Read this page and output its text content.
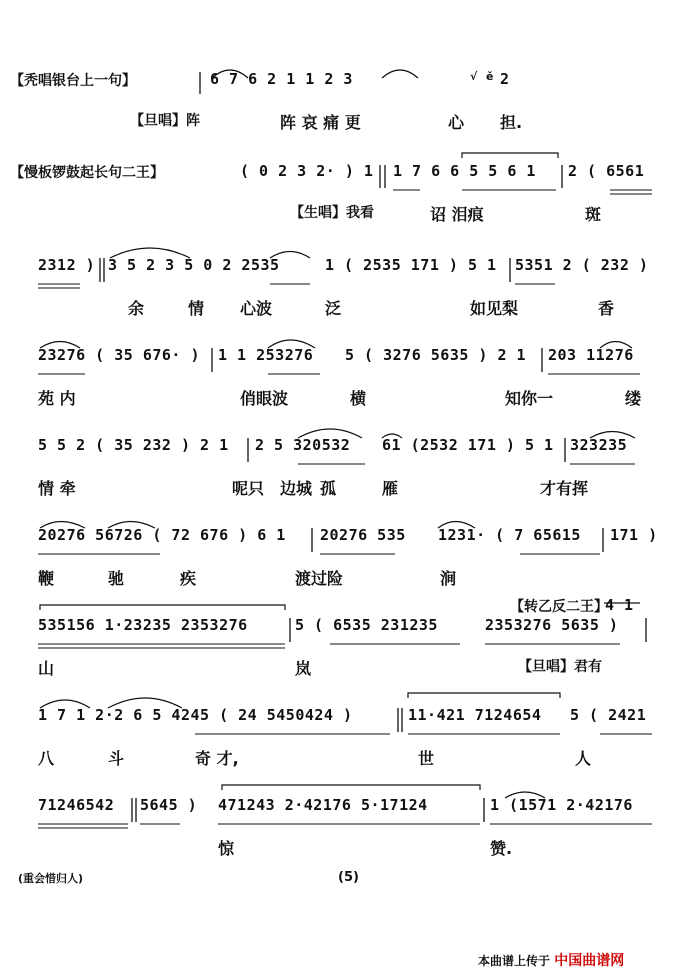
【秃唱银台上一句】	6 7 6 2 1 1 2 3	√ ě 2
【旦唱】阵	阵 哀 痛 更	心 担.
【慢板锣鼓起长句二王】	( 0 2 3 2· ) 1 1 7 6 6 5 5 6 1 2 ( 6561
【生唱】我看	诏 泪痕	斑
2312 ) 3 5 2 3 5 0 2 2535	1 ( 2535 171 ) 5 1 5351 2 ( 232 )
余	情 心波	泛	如见梨	香
23276 ( 35 676· ) 1 1 253276 5 ( 3276 5635 ) 2 1 203 11276
苑 内	俏眼波	横	知你一	缕
5 5 2 ( 35 232 ) 2 1 2 5 320532 61 (2532 171 ) 5 1 323235
情 牵	呢只 边城 孤	雁	才有挥
20276 56726 ( 72 676 ) 6 1 20276 535 1231· ( 7 65615 171 )
鞭	驰	疾	渡过险	涧
535156 1·23235 2353276	5 ( 6535 231235	2353276 5635 )
【转乙反二王】
4 1
山	岚	【旦唱】君有
1 7 1 2·2 6 5 4245 ( 24 5450424 )	11·421 7124654 5 ( 2421
八	斗	奇 才,	世	人
71246542 5645 ) 471243 2·42176 5·17124	1 (1571 2·42176
惊	赞.
(重会惜归人)	(5)
本曲谱上传于 中国曲谱网
